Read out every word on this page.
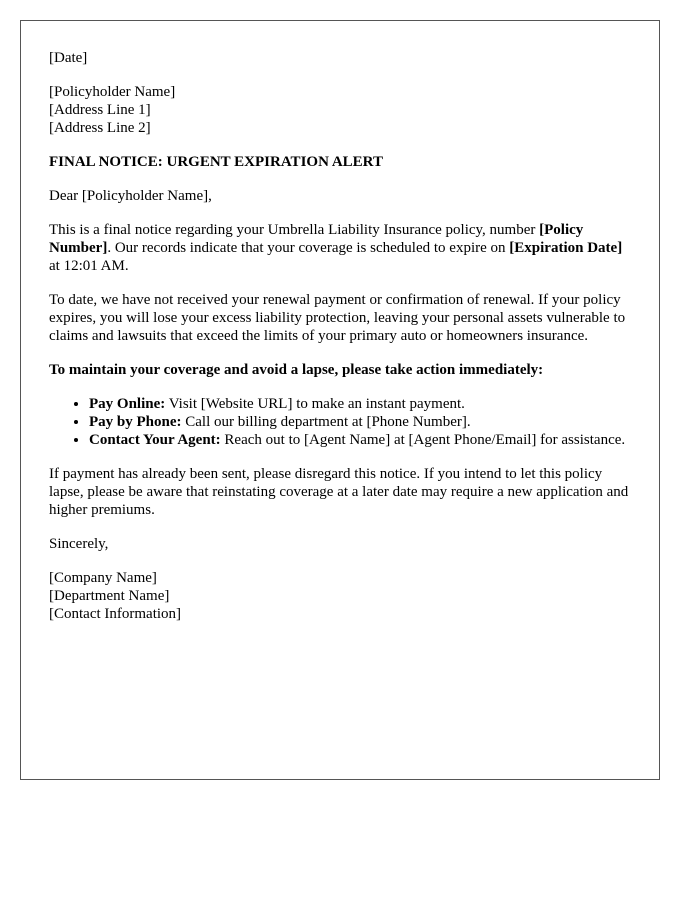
[Date]

[Policyholder Name]
[Address Line 1]
[Address Line 2]

FINAL NOTICE: URGENT EXPIRATION ALERT

Dear [Policyholder Name],

This is a final notice regarding your Umbrella Liability Insurance policy, number [Policy Number]. Our records indicate that your coverage is scheduled to expire on [Expiration Date] at 12:01 AM.

To date, we have not received your renewal payment or confirmation of renewal. If your policy expires, you will lose your excess liability protection, leaving your personal assets vulnerable to claims and lawsuits that exceed the limits of your primary auto or homeowners insurance.

To maintain your coverage and avoid a lapse, please take action immediately:

• Pay Online: Visit [Website URL] to make an instant payment.
• Pay by Phone: Call our billing department at [Phone Number].
• Contact Your Agent: Reach out to [Agent Name] at [Agent Phone/Email] for assistance.

If payment has already been sent, please disregard this notice. If you intend to let this policy lapse, please be aware that reinstating coverage at a later date may require a new application and higher premiums.

Sincerely,

[Company Name]
[Department Name]
[Contact Information]
